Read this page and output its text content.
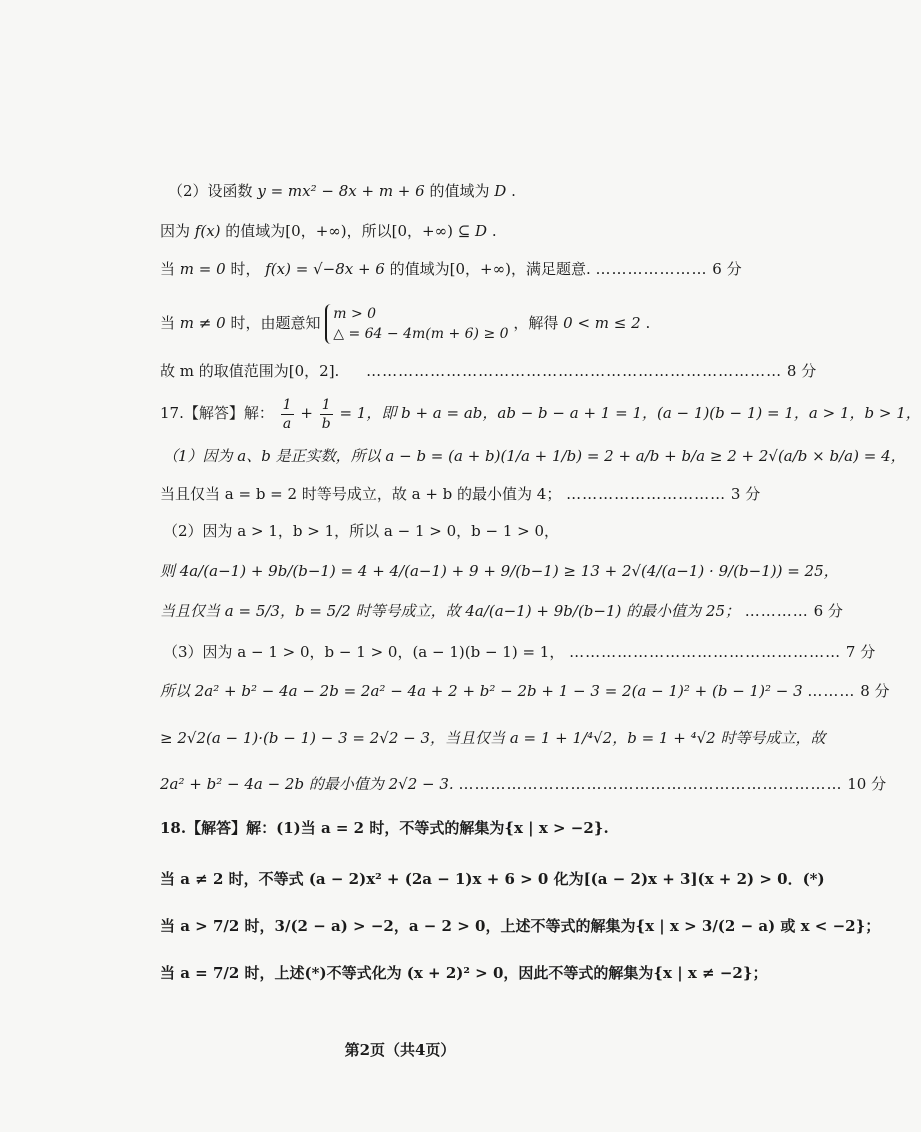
（2）设函数 y = mx² − 8x + m + 6 的值域为 D .
因为 f(x) 的值域为[0，+∞)，所以[0，+∞) ⊆ D .
当 m = 0 时， f(x) = √−8x + 6 的值域为[0，+∞)，满足题意. ………………… 6 分
当 m ≠ 0 时，由题意知 m > 0
△ = 64 − 4m(m + 6) ≥ 0
，解得 0 < m ≤ 2 .
故 m 的取值范围为[0，2]. …………………………………………………………………… 8 分
17.【解答】解： $\frac{1}{a} + \frac{1}{b} = 1$，即 b + a = ab，ab − b − a + 1 = 1，(a − 1)(b − 1) = 1，a > 1，b > 1，
（1）因为 a、b 是正实数，所以 a − b = (a + b)(1/a + 1/b) = 2 + a/b + b/a ≥ 2 + 2√(a/b × b/a) = 4，
当且仅当 a = b = 2 时等号成立，故 a + b 的最小值为 4； ………………………… 3 分
（2）因为 a > 1，b > 1，所以 a − 1 > 0，b − 1 > 0，
则 4a/(a−1) + 9b/(b−1) = 4 + 4/(a−1) + 9 + 9/(b−1) ≥ 13 + 2√(4/(a−1) · 9/(b−1)) = 25，
当且仅当 a = 5/3，b = 5/2 时等号成立，故 4a/(a−1) + 9b/(b−1) 的最小值为 25； ………… 6 分
（3）因为 a − 1 > 0，b − 1 > 0，(a − 1)(b − 1) = 1， …………………………………………… 7 分
所以 2a² + b² − 4a − 2b = 2a² − 4a + 2 + b² − 2b + 1 − 3 = 2(a − 1)² + (b − 1)² − 3 ……… 8 分
≥ 2√2(a − 1)·(b − 1) − 3 = 2√2 − 3，当且仅当 a = 1 + 1/⁴√2，b = 1 + ⁴√2 时等号成立，故
2a² + b² − 4a − 2b 的最小值为 2√2 − 3. ……………………………………………………………… 10 分
18.【解答】解：(1)当 a = 2 时，不等式的解集为{x | x > −2}.
当 a ≠ 2 时，不等式 (a − 2)x² + (2a − 1)x + 6 > 0 化为[(a − 2)x + 3](x + 2) > 0．(*)
当 a > 7/2 时，3/(2 − a) > −2，a − 2 > 0，上述不等式的解集为{x | x > 3/(2 − a) 或 x < −2}；
当 a = 7/2 时，上述(*)不等式化为 (x + 2)² > 0，因此不等式的解集为{x | x ≠ −2}；
第2页（共4页）
